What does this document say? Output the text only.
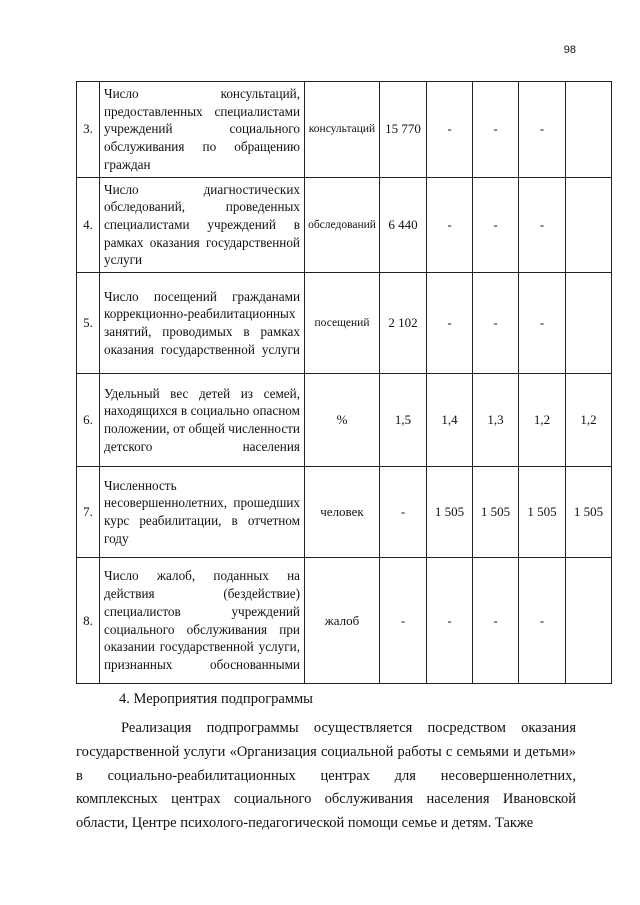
98
3.	Число консультаций, предоставленных специалистами учреждений социального обслуживания по обращению граждан	консультаций	15 770	-	-	-	
4.	Число диагностических обследований, проведенных специалистами учреждений в рамках оказания государственной услуги	обследований	6 440	-	-	-	
5.	Число посещений гражданами коррекционно-реабилитационных занятий, проводимых в рамках оказания государственной услуги	посещений	2 102	-	-	-	
6.	Удельный вес детей из семей, находящихся в социально опасном положении, от общей численности детского населения	%	1,5	1,4	1,3	1,2	1,2
7.	Численность несовершеннолетних, прошедших курс реабилитации, в отчетном году	человек	-	1 505	1 505	1 505	1 505
8.	Число жалоб, поданных на действия (бездействие) специалистов учреждений социального обслуживания при оказании государственной услуги, признанных обоснованными	жалоб	-	-	-	-	
4. Мероприятия подпрограммы

Реализация подпрограммы осуществляется посредством оказания государственной услуги «Организация социальной работы с семьями и детьми» в социально-реабилитационных центрах для несовершеннолетних, комплексных центрах социального обслуживания населения Ивановской области, Центре психолого-педагогической помощи семье и детям. Также
